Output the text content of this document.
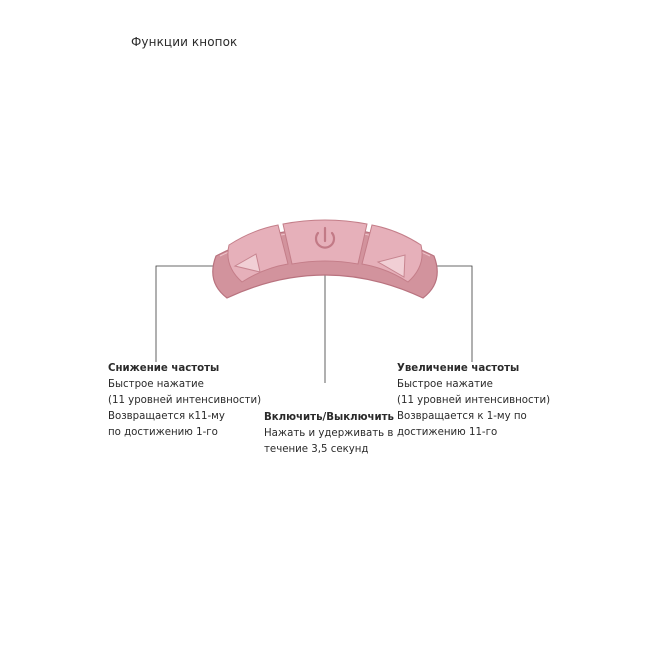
Функции кнопок
Снижение частоты
Быстрое нажатие
(11 уровней интенсивности)
Возвращается к11-му
по достижению 1-го
Включить/Выключить
Нажать и удерживать в
течение 3,5 секунд
Увеличение частоты
Быстрое нажатие
(11 уровней интенсивности)
Возвращается к 1-му по
достижению 11-го
